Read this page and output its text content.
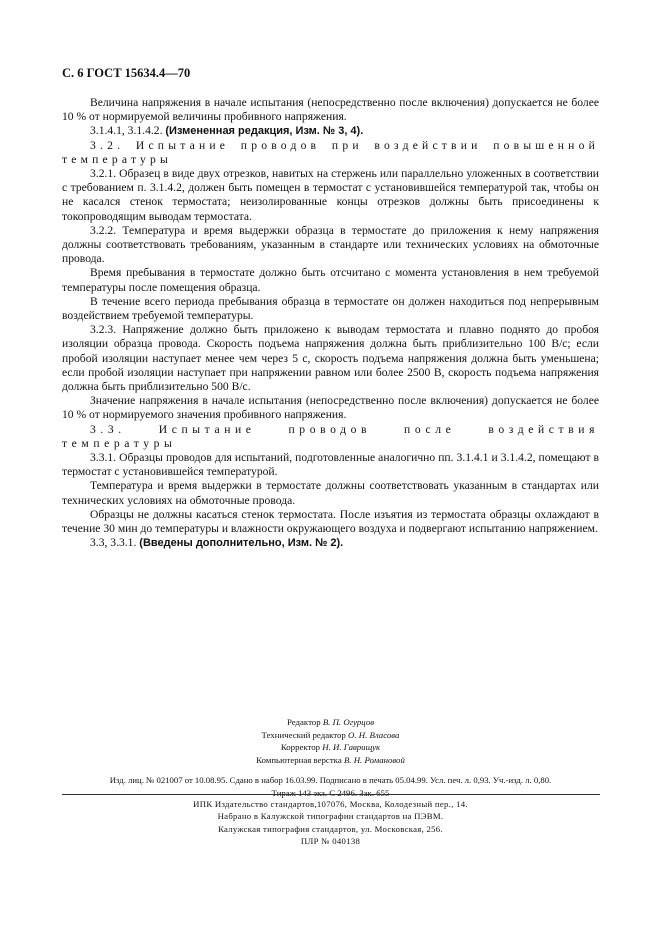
С. 6 ГОСТ 15634.4—70

Величина напряжения в начале испытания (непосредственно после включения) допускается не более 10 % от нормируемой величины пробивного напряжения.

3.1.4.1, 3.1.4.2. (Измененная редакция, Изм. № 3, 4).

3.2. Испытание проводов при воздействии повышенной температуры

3.2.1. Образец в виде двух отрезков, навитых на стержень или параллельно уложенных в соответствии с требованием п. 3.1.4.2, должен быть помещен в термостат с установившейся температурой так, чтобы он не касался стенок термостата; неизолированные концы отрезков должны быть присоединены к токопроводящим выводам термостата.

3.2.2. Температура и время выдержки образца в термостате до приложения к нему напряжения должны соответствовать требованиям, указанным в стандарте или технических условиях на обмоточные провода.

Время пребывания в термостате должно быть отсчитано с момента установления в нем требуемой температуры после помещения образца.

В течение всего периода пребывания образца в термостате он должен находиться под непрерывным воздействием требуемой температуры.

3.2.3. Напряжение должно быть приложено к выводам термостата и плавно поднято до пробоя изоляции образца провода. Скорость подъема напряжения должна быть приблизительно 100 В/с; если пробой изоляции наступает менее чем через 5 с, скорость подъема напряжения должна быть уменьшена; если пробой изоляции наступает при напряжении равном или более 2500 В, скорость подъема напряжения должна быть приблизительно 500 В/с.

Значение напряжения в начале испытания (непосредственно после включения) допускается не более 10 % от нормируемого значения пробивного напряжения.

3.3. Испытание проводов после воздействия температуры

3.3.1. Образцы проводов для испытаний, подготовленные аналогично пп. 3.1.4.1 и 3.1.4.2, помещают в термостат с установившейся температурой.

Температура и время выдержки в термостате должны соответствовать указанным в стандартах или технических условиях на обмоточные провода.

Образцы не должны касаться стенок термостата. После изъятия из термостата образцы охлаждают в течение 30 мин до температуры и влажности окружающего воздуха и подвергают испытанию напряжением.

3.3, 3.3.1. (Введены дополнительно, Изм. № 2).

Редактор В. П. Огурцов
Технический редактор О. Н. Власова
Корректор Н. И. Гаврищук
Компьютерная верстка В. Н. Романовой
Изд. лиц. № 021007 от 10.08.95. Сдано в набор 16.03.99. Подписано в печать 05.04.99. Усл. печ. л. 0,93. Уч.-изд. л. 0,80.
Тираж 143 экз. С 2496. Зак. 655
ИПК Издательство стандартов,107076, Москва, Колодезный пер., 14.
Набрано в Калужской типографии стандартов на ПЭВМ.
Калужская типография стандартов, ул. Московская, 256.
ПЛР № 040138
